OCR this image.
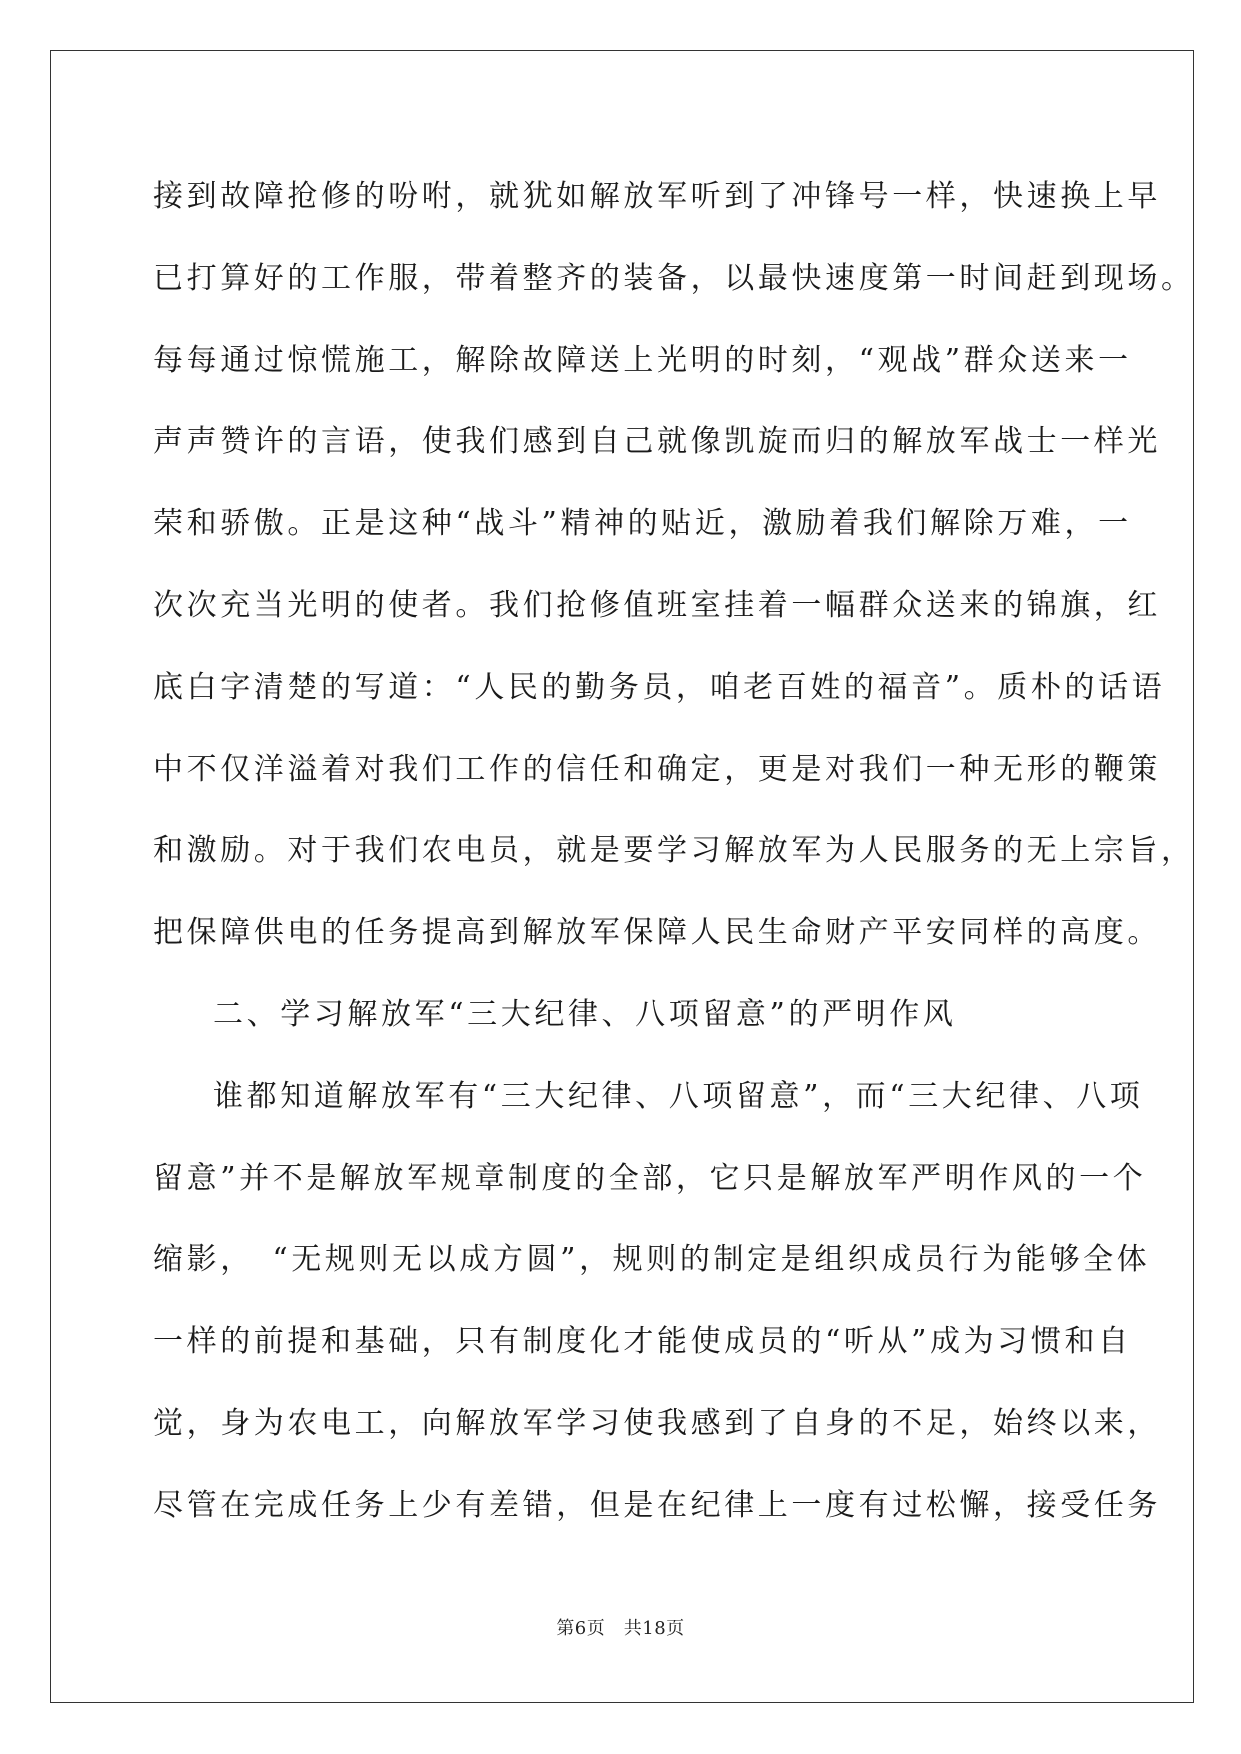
接到故障抢修的吩咐，就犹如解放军听到了冲锋号一样，快速换上早
已打算好的工作服，带着整齐的装备，以最快速度第一时间赶到现场。
每每通过惊慌施工，解除故障送上光明的时刻，“观战”群众送来一
声声赞许的言语，使我们感到自己就像凯旋而归的解放军战士一样光
荣和骄傲。正是这种“战斗”精神的贴近，激励着我们解除万难，一
次次充当光明的使者。我们抢修值班室挂着一幅群众送来的锦旗，红
底白字清楚的写道：“人民的勤务员，咱老百姓的福音”。质朴的话语
中不仅洋溢着对我们工作的信任和确定，更是对我们一种无形的鞭策
和激励。对于我们农电员，就是要学习解放军为人民服务的无上宗旨，
把保障供电的任务提高到解放军保障人民生命财产平安同样的高度。
二、学习解放军“三大纪律、八项留意”的严明作风
谁都知道解放军有“三大纪律、八项留意”，而“三大纪律、八项
留意”并不是解放军规章制度的全部，它只是解放军严明作风的一个
缩影，　“无规则无以成方圆”，规则的制定是组织成员行为能够全体
一样的前提和基础，只有制度化才能使成员的“听从”成为习惯和自
觉，身为农电工，向解放军学习使我感到了自身的不足，始终以来，
尽管在完成任务上少有差错，但是在纪律上一度有过松懈，接受任务
第6页　共18页
